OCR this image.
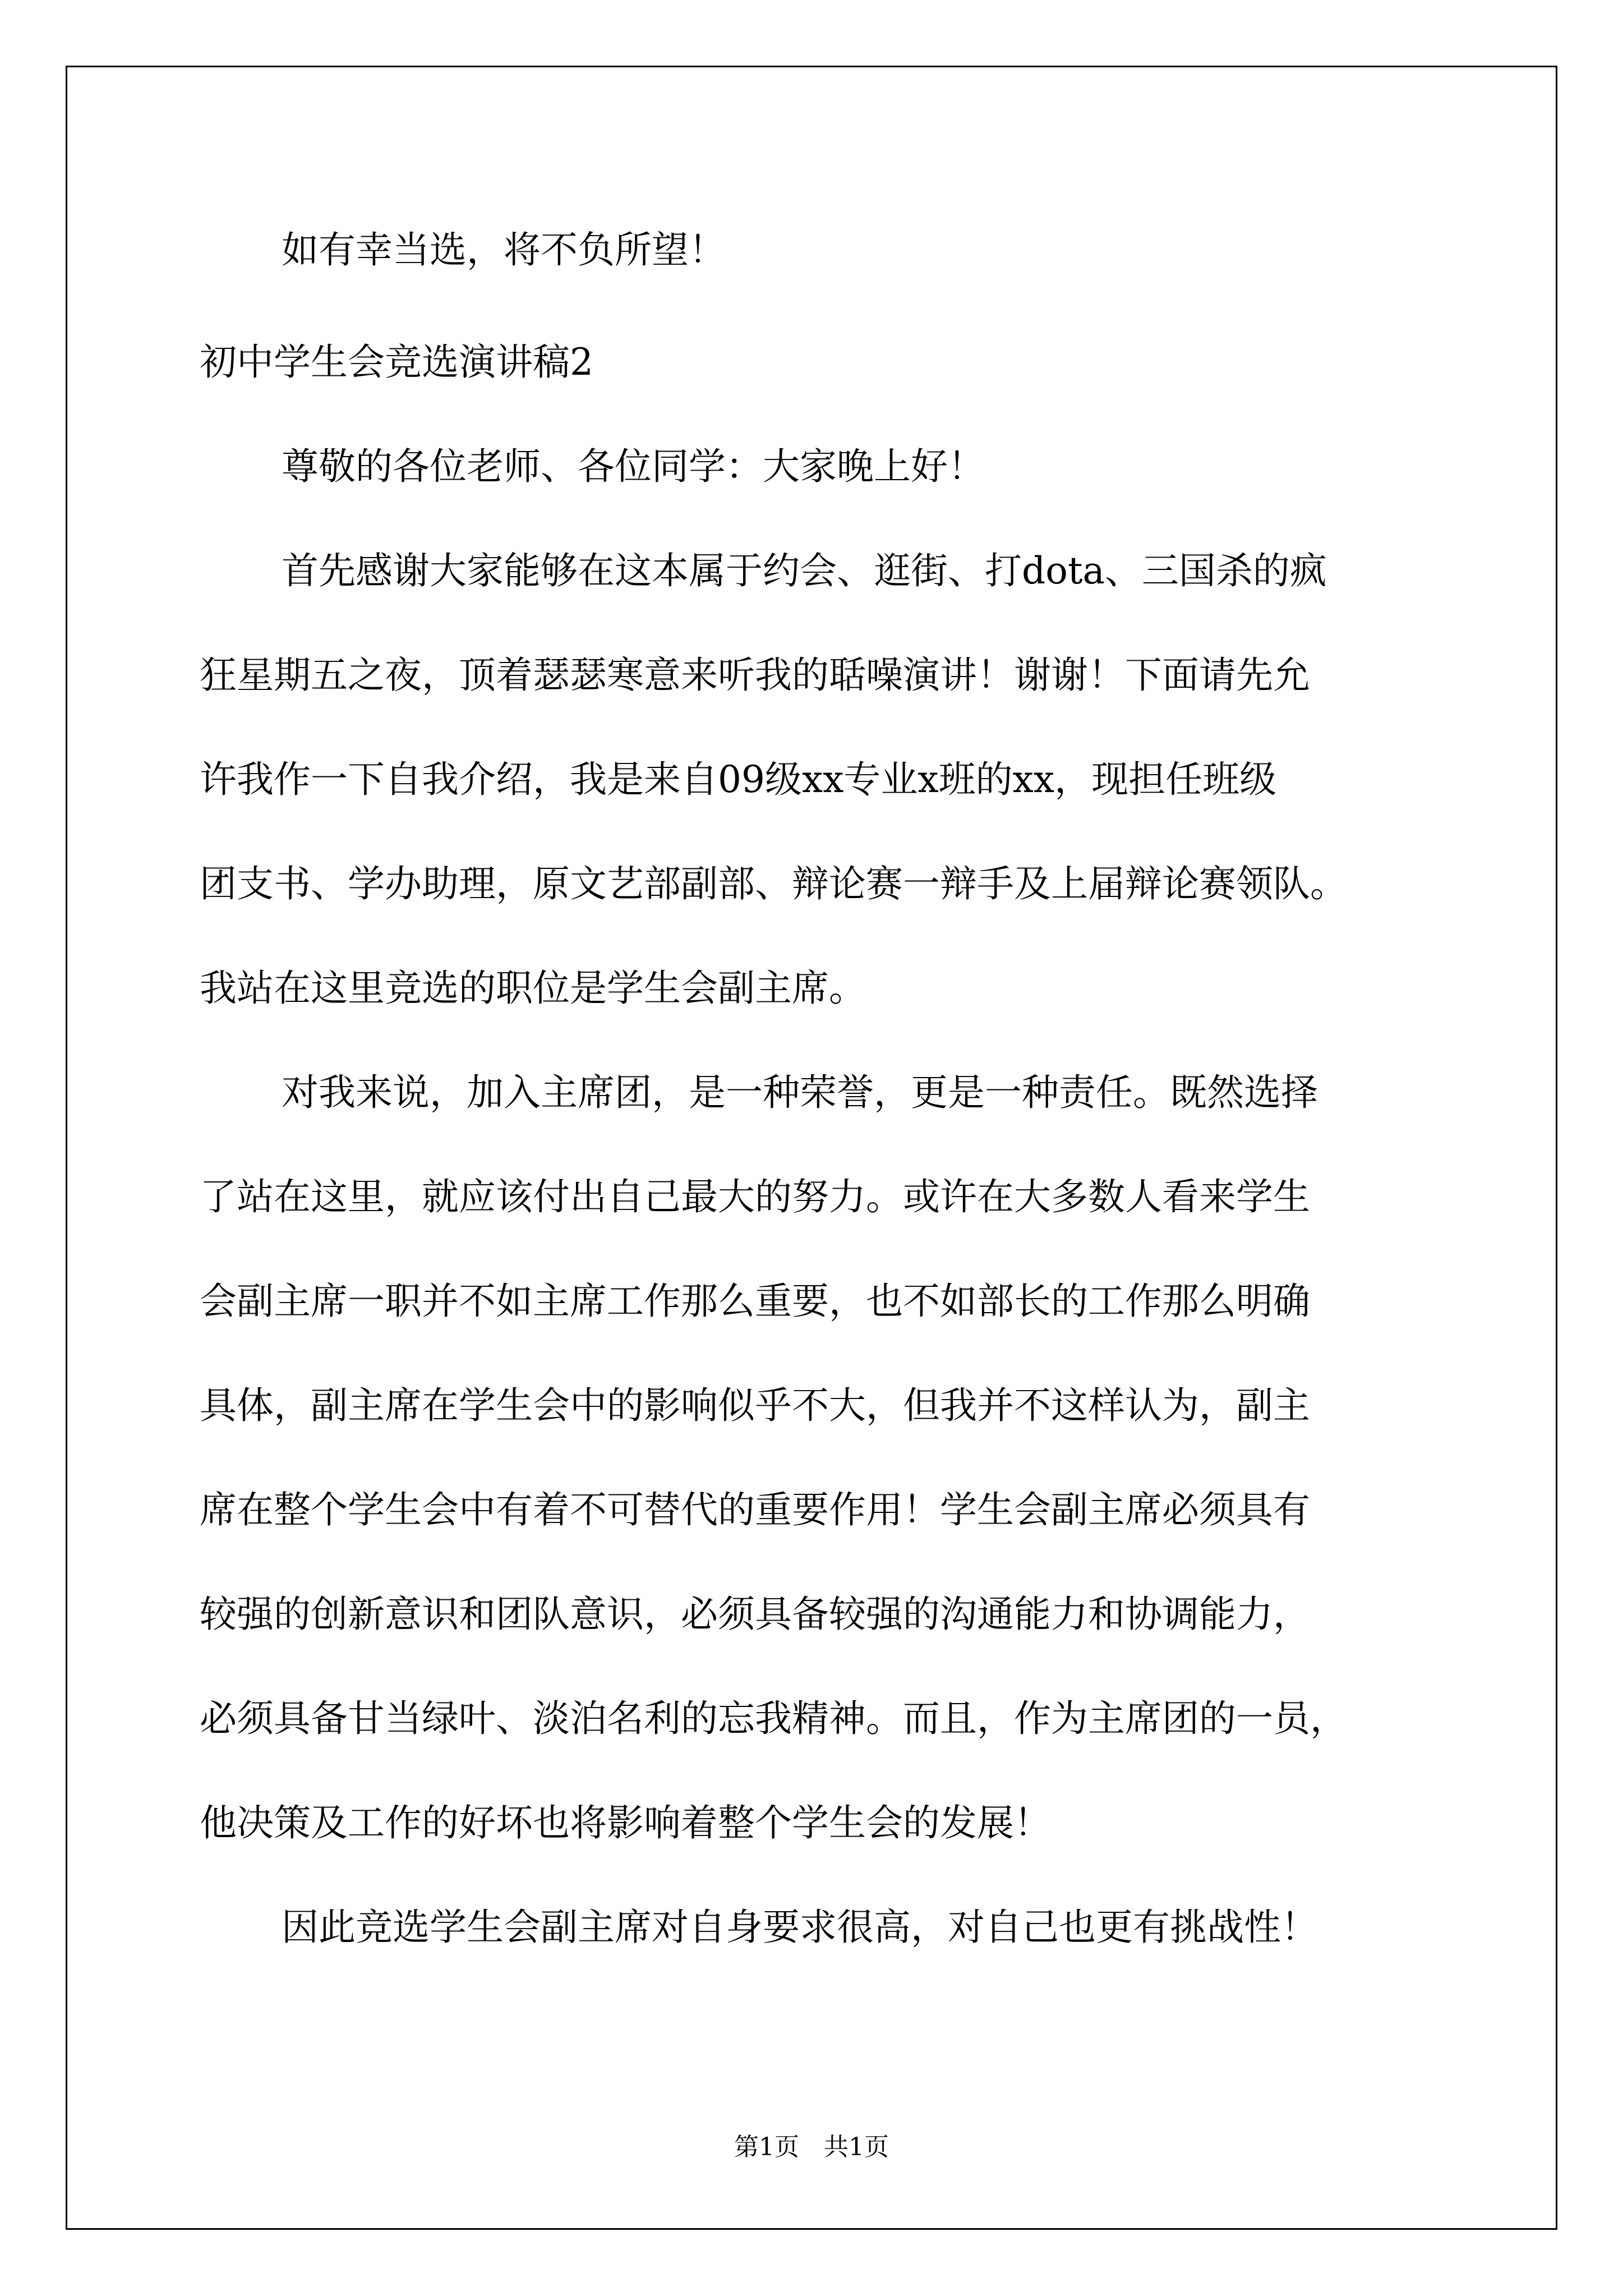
如有幸当选，将不负所望！

初中学生会竞选演讲稿2

尊敬的各位老师、各位同学：大家晚上好！

首先感谢大家能够在这本属于约会、逛街、打dota、三国杀的疯

狂星期五之夜，顶着瑟瑟寒意来听我的聒噪演讲！谢谢！下面请先允

许我作一下自我介绍，我是来自09级xx专业x班的xx，现担任班级

团支书、学办助理，原文艺部副部、辩论赛一辩手及上届辩论赛领队。

我站在这里竞选的职位是学生会副主席。

对我来说，加入主席团，是一种荣誉，更是一种责任。既然选择

了站在这里，就应该付出自己最大的努力。或许在大多数人看来学生

会副主席一职并不如主席工作那么重要，也不如部长的工作那么明确

具体，副主席在学生会中的影响似乎不大，但我并不这样认为，副主

席在整个学生会中有着不可替代的重要作用！学生会副主席必须具有

较强的创新意识和团队意识，必须具备较强的沟通能力和协调能力，

必须具备甘当绿叶、淡泊名利的忘我精神。而且，作为主席团的一员，

他决策及工作的好坏也将影响着整个学生会的发展！

因此竞选学生会副主席对自身要求很高，对自己也更有挑战性！

第1页　共1页
